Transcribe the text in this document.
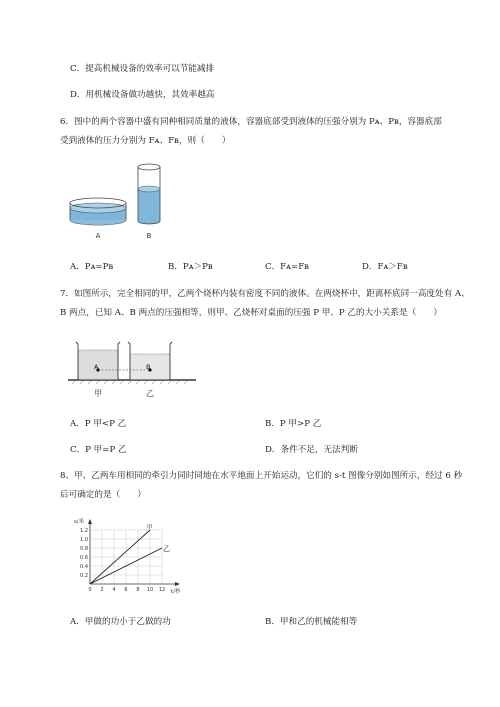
C．提高机械设备的效率可以节能减排
D．用机械设备做功越快，其效率越高
6．图中的两个容器中盛有同种相同质量的液体，容器底部受到液体的压强分别为 Pᴀ、Pʙ，容器底部受到液体的压力分别为 Fᴀ、Fʙ，则（　　）
A	B
A．Pᴀ=Pʙ	B．Pᴀ＞Pʙ	C．Fᴀ=Fʙ	D．Fᴀ＞Fʙ
7．如图所示，完全相同的甲，乙两个烧杯内装有密度不同的液体。在两烧杯中，距离杯底同一高度处有 A、B 两点，已知 A、B 两点的压强相等，则甲、乙烧杯对桌面的压强 P 甲、P 乙的大小关系是（　　）
A	B
甲	乙
A．P 甲<P 乙	B．P 甲>P 乙
C．P 甲=P 乙	D．条件不足，无法判断
8、甲、乙两车用相同的牵引力同时同地在水平地面上开始运动，它们的 s-t 图像分别如图所示，经过 6 秒后可确定的是（　　）
0 2 4 6 8 10 12
0.2
0.4
0.6
0.8
1.0
1.2	甲
乙
s/米
t/秒
A．甲做的功小于乙做的功	B．甲和乙的机械能相等
